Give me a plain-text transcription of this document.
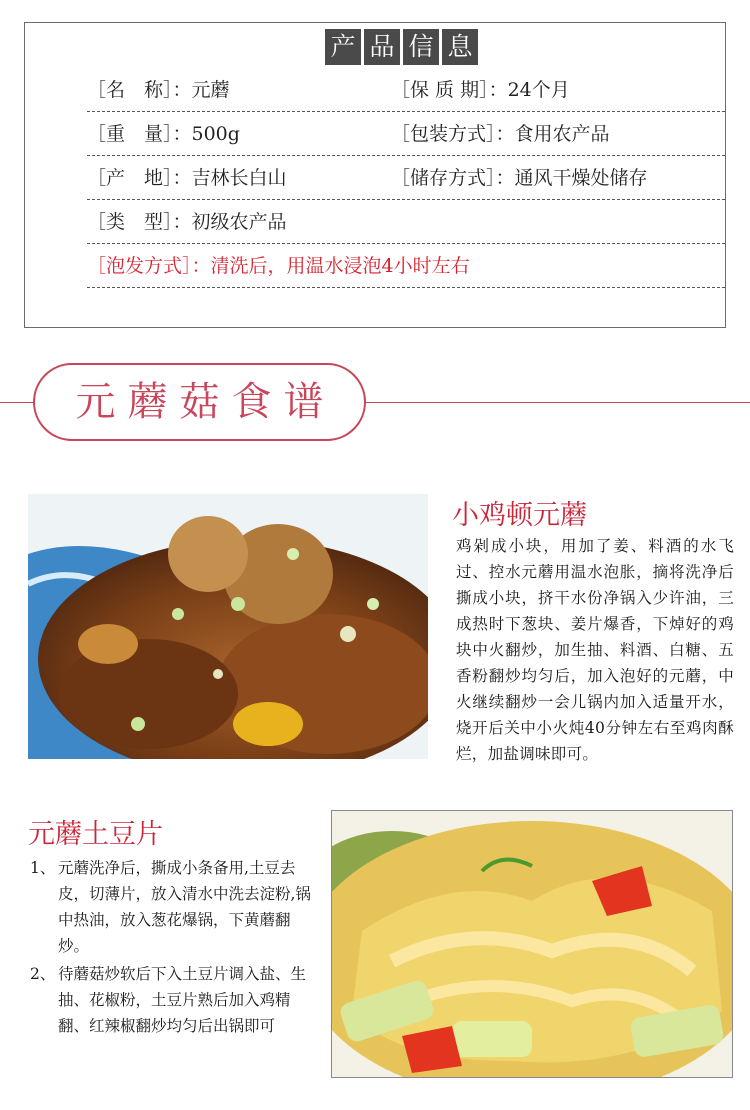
产 品 信 息
［名　称］：元蘑	［保 质 期］：24个月
［重　量］：500g	［包装方式］：食用农产品
［产　地］：吉林长白山	［储存方式］：通风干燥处储存
［类　型］：初级农产品
［泡发方式］：清洗后，用温水浸泡4小时左右
元蘑菇食谱
小鸡顿元蘑

鸡剁成小块，用加了姜、料酒的水飞过、控水元蘑用温水泡胀，摘将洗净后撕成小块，挤干水份净锅入少许油，三成热时下葱块、姜片爆香，下焯好的鸡块中火翻炒，加生抽、料酒、白糖、五香粉翻炒均匀后，加入泡好的元蘑，中火继续翻炒一会儿锅内加入适量开水，烧开后关中小火炖40分钟左右至鸡肉酥烂，加盐调味即可。

元蘑土豆片
1、 元蘑洗净后，撕成小条备用,土豆去皮，切薄片，放入清水中洗去淀粉,锅中热油，放入葱花爆锅，下黄蘑翻炒。
2、 待蘑菇炒软后下入土豆片调入盐、生抽、花椒粉，土豆片熟后加入鸡精翻、红辣椒翻炒均匀后出锅即可
